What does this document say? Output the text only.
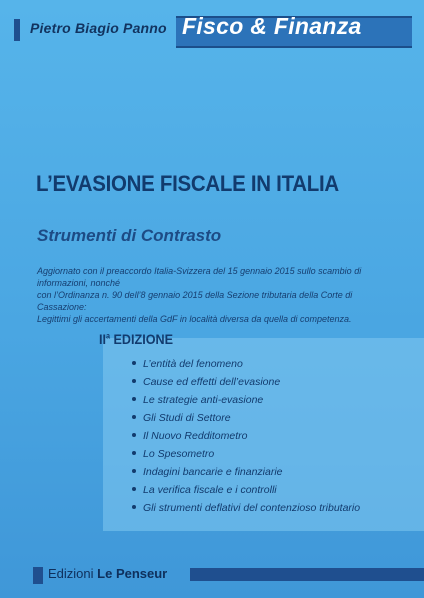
Pietro Biagio Panno Fisco & Finanza
L’EVASIONE FISCALE IN ITALIA
Strumenti di Contrasto
Aggiornato con il preaccordo Italia-Svizzera del 15 gennaio 2015 sullo scambio di informazioni, nonché
con l’Ordinanza n. 90 dell’8 gennaio 2015 della Sezione tributaria della Corte di Cassazione:
Legittimi gli accertamenti della GdF in località diversa da quella di competenza.
$II^a$ EDIZIONE
L’entità del fenomeno
Cause ed effetti dell’evasione
Le strategie anti-evasione
Gli Studi di Settore
Il Nuovo Redditometro
Lo Spesometro
Indagini bancarie e finanziarie
La verifica fiscale e i controlli
Gli strumenti deflativi del contenzioso tributario
Edizioni Le Penseur
